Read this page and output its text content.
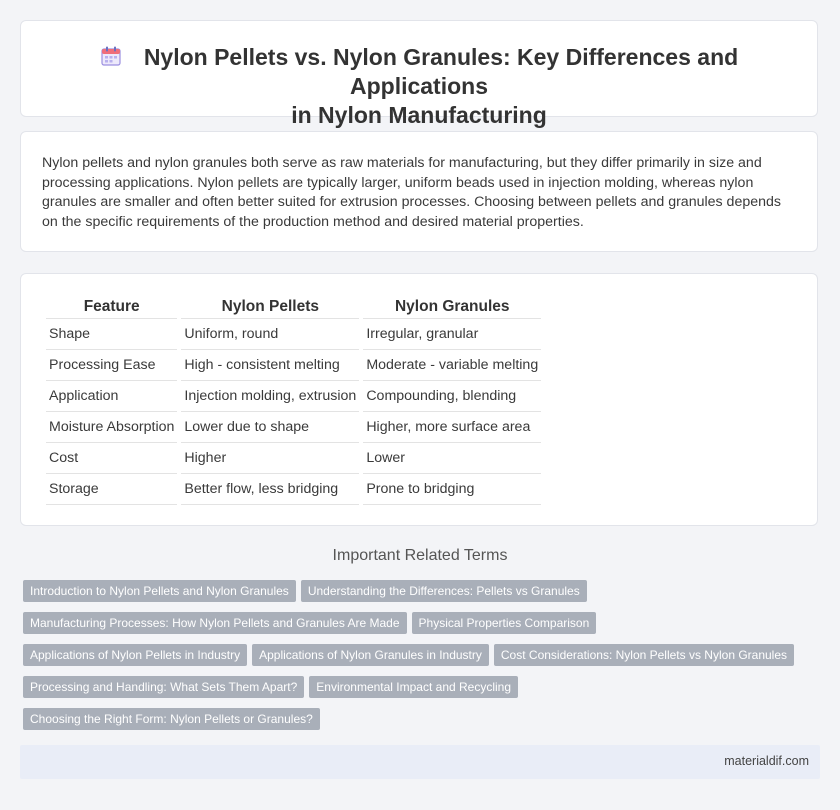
Nylon Pellets vs. Nylon Granules: Key Differences and Applications
in Nylon Manufacturing

Nylon pellets and nylon granules both serve as raw materials for manufacturing, but they differ primarily in size and processing applications. Nylon pellets are typically larger, uniform beads used in injection molding, whereas nylon granules are smaller and often better suited for extrusion processes. Choosing between pellets and granules depends on the specific requirements of the production method and desired material properties.

Feature	Nylon Pellets	Nylon Granules
Shape	Uniform, round	Irregular, granular
Processing Ease	High - consistent melting	Moderate - variable melting
Application	Injection molding, extrusion	Compounding, blending
Moisture Absorption	Lower due to shape	Higher, more surface area
Cost	Higher	Lower
Storage	Better flow, less bridging	Prone to bridging
Important Related Terms
Introduction to Nylon Pellets and Nylon Granules Understanding the Differences: Pellets vs Granules
Manufacturing Processes: How Nylon Pellets and Granules Are Made Physical Properties Comparison
Applications of Nylon Pellets in Industry Applications of Nylon Granules in Industry Cost Considerations: Nylon Pellets vs Nylon Granules
Processing and Handling: What Sets Them Apart? Environmental Impact and Recycling
Choosing the Right Form: Nylon Pellets or Granules?
materialdif.com
